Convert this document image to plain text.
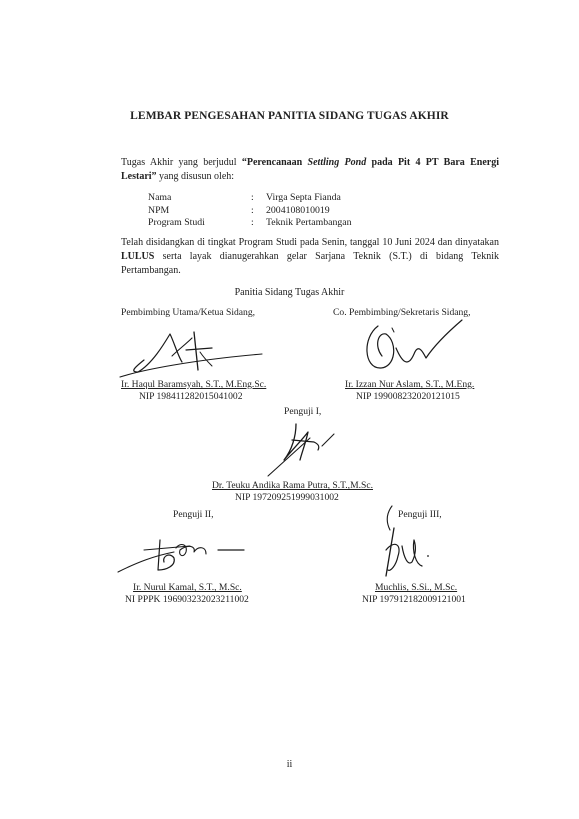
LEMBAR PENGESAHAN PANITIA SIDANG TUGAS AKHIR
Tugas Akhir yang berjudul “Perencanaan Settling Pond pada Pit 4 PT Bara Energi Lestari” yang disusun oleh:
Nama	:	Virga Septa Fianda
NPM	:	2004108010019
Program Studi	:	Teknik Pertambangan
Telah disidangkan di tingkat Program Studi pada Senin, tanggal 10 Juni 2024 dan dinyatakan LULUS serta layak dianugerahkan gelar Sarjana Teknik (S.T.) di bidang Teknik Pertambangan.
Panitia Sidang Tugas Akhir
Pembimbing Utama/Ketua Sidang,
Ir. Haqul Baramsyah, S.T., M.Eng.Sc.
NIP 198411282015041002
Co. Pembimbing/Sekretaris Sidang,
Ir. Izzan Nur Aslam, S.T., M.Eng.
NIP 199008232020121015
Penguji I,
Dr. Teuku Andika Rama Putra, S.T.,M.Sc.
NIP 197209251999031002
Penguji II,
Ir. Nurul Kamal, S.T., M.Sc.
NI PPPK 196903232023211002
Penguji III,
Muchlis, S.Si., M.Sc.
NIP 197912182009121001
ii
